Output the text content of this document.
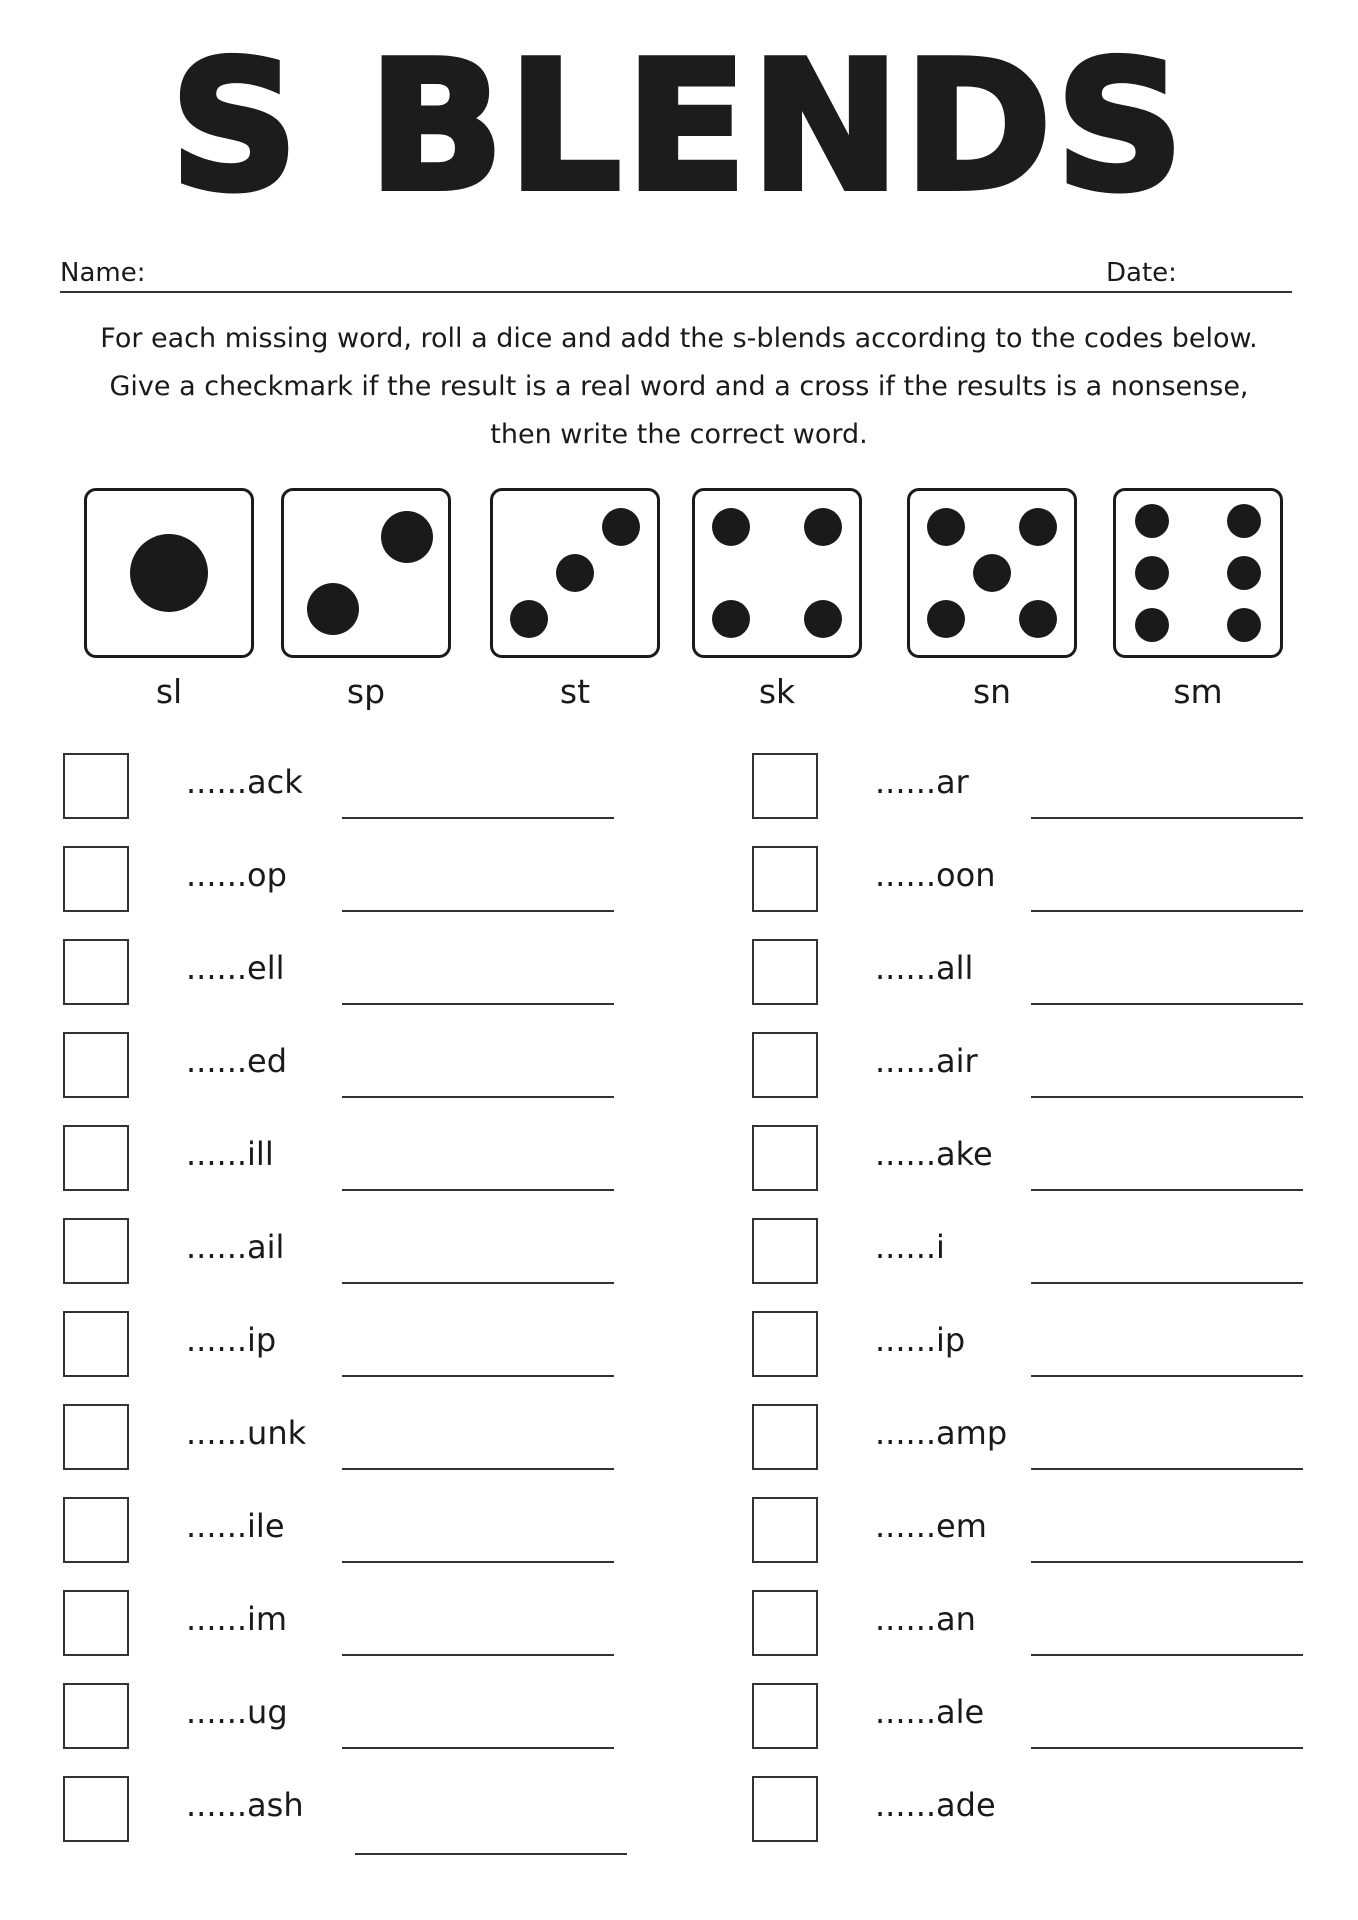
S BLENDS
Name:	Date:

For each missing word, roll a dice and add the s-blends according to the codes below.

Give a checkmark if the result is a real word and a cross if the results is a nonsense,

then write the correct word.

sl	sp	st	sk	sn	sm
......ack
......op
......ell
......ed
......ill
......ail
......ip
......unk
......ile
......im
......ug
......ash
......ar
......oon
......all
......air
......ake
......i
......ip
......amp
......em
......an
......ale
......ade
